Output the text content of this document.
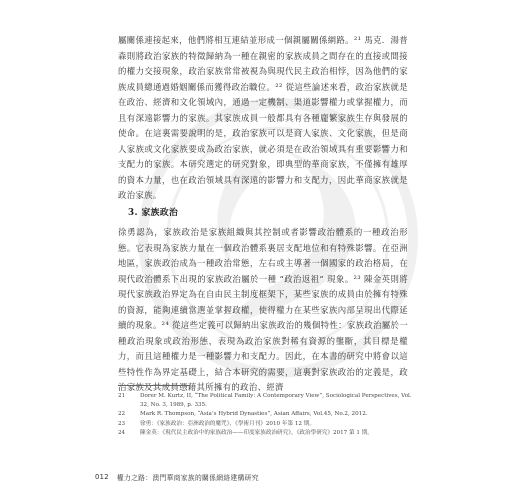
屬關係連接起來，他們將相互連結並形成一個親屬關係網路。²¹ 馬克．湯普森則將政治家族的特徵歸納為一種在親密的家族成員之間存在的直接或間接的權力交接現象，政治家族常常被視為與現代民主政治相悖，因為他們的家族成員總通過婚姻關係而獲得政治職位。²² 從這些論述來看，政治家族就是在政治、經濟和文化領域內，通過一定機制、渠道影響權力或掌握權力，而且有深遠影響力的家族。其家族成員一般都具有各種龐繁家族生存與發展的使命。在這裏需要說明的是，政治家族可以是商人家族、文化家族，但是商人家族或文化家族要成為政治家族，就必須是在政治領域具有重要影響力和支配力的家族。本研究選定的研究對象，即典型的華商家族，不僅擁有雄厚的資本力量，也在政治領域具有深遠的影響力和支配力，因此華商家族就是政治家族。

3. 家族政治

徐勇認為，家族政治是家族組織與其控制或者影響政治體系的一種政治形態。它表現為家族力量在一個政治體系裏居支配地位和有特殊影響。在亞洲地區，家族政治成為一種政治常態，左右或主導著一個國家的政治格局，在現代政治體系下出現的家族政治屬於一種 “政治返祖” 現象。²³ 陳金英則將現代家族政治界定為在自由民主制度框架下，某些家族的成員由於擁有特殊的資源，能夠連續當選並掌握政權，使得權力在某些家族內部呈現出代際延續的現象。²⁴ 從這些定義可以歸納出家族政治的幾個特性：家族政治屬於一種政治現象或政治形態，表現為政治家族對稀有資源的壟斷，其目標是權力，而且這種權力是一種影響力和支配力。因此，在本書的研究中將會以這些特性作為界定基礎上，結合本研究的需要，這裏對家族政治的定義是，政治家族及其成員憑藉其所擁有的政治、經濟

21	Dorer M. Kurtz, II, “The Political Family: A Contemporary View”, Sociological Perspectives, Vol. 32, No. 3, 1989, p. 335.
22	Mark R. Thompson, “Asia’s Hybrid Dynasties”, Asian Affairs, Vol.45, No.2, 2012.
23	徐勇：《家族政治：亞洲政治的魔咒》，《學術月刊》2010 年第 12 期。
24	陳金英：《現代民主政治中的家族政治——印度家族政治研究》，《政治學研究》2017 第 1 期。
012 權力之路：澳門華商家族的關係網絡建構研究
